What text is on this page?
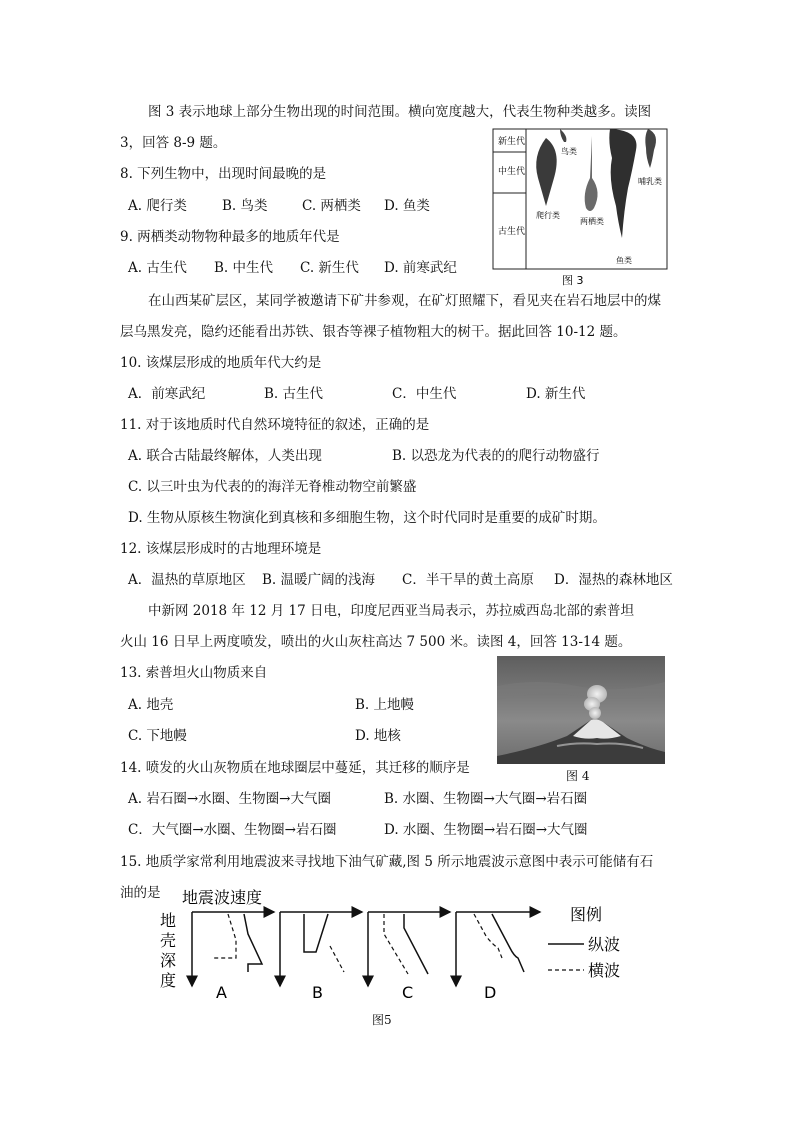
图 3 表示地球上部分生物出现的时间范围。横向宽度越大，代表生物种类越多。读图
3，回答 8-9 题。
8. 下列生物中，出现时间最晚的是
A. 爬行类	B. 鸟类	C. 两栖类 D. 鱼类
9. 两栖类动物物种最多的地质年代是
A. 古生代 B. 中生代 C. 新生代 D. 前寒武纪
新生代
中生代
古生代
鸟类
哺乳类
爬行类
两栖类
鱼类
图 3
在山西某矿层区，某同学被邀请下矿井参观，在矿灯照耀下，看见夹在岩石地层中的煤
层乌黑发亮，隐约还能看出苏铁、银杏等裸子植物粗大的树干。据此回答 10-12 题。
10. 该煤层形成的地质年代大约是
A．前寒武纪	B. 古生代	C．中生代	D. 新生代
11. 对于该地质时代自然环境特征的叙述，正确的是
A. 联合古陆最终解体，人类出现	B. 以恐龙为代表的的爬行动物盛行
C. 以三叶虫为代表的的海洋无脊椎动物空前繁盛
D. 生物从原核生物演化到真核和多细胞生物，这个时代同时是重要的成矿时期。
12. 该煤层形成时的古地理环境是
A．温热的草原地区 B. 温暖广阔的浅海 C．半干旱的黄土高原 D．湿热的森林地区
中新网 2018 年 12 月 17 日电，印度尼西亚当局表示，苏拉威西岛北部的索普坦
火山 16 日早上两度喷发，喷出的火山灰柱高达 7 500 米。读图 4，回答 13-14 题。
13. 索普坦火山物质来自
A. 地壳	B. 上地幔
C. 下地幔	D. 地核
图 4
14. 喷发的火山灰物质在地球圈层中蔓延，其迁移的顺序是
A. 岩石圈→水圈、生物圈→大气圈	B. 水圈、生物圈→大气圈→岩石圈
C．大气圈→水圈、生物圈→岩石圈	D. 水圈、生物圈→岩石圈→大气圈
15. 地质学家常利用地震波来寻找地下油气矿藏,图 5 所示地震波示意图中表示可能储有石
油的是 地震波速度
地
壳
深
度
A	B	C	D
图例
纵波
横波
图5
